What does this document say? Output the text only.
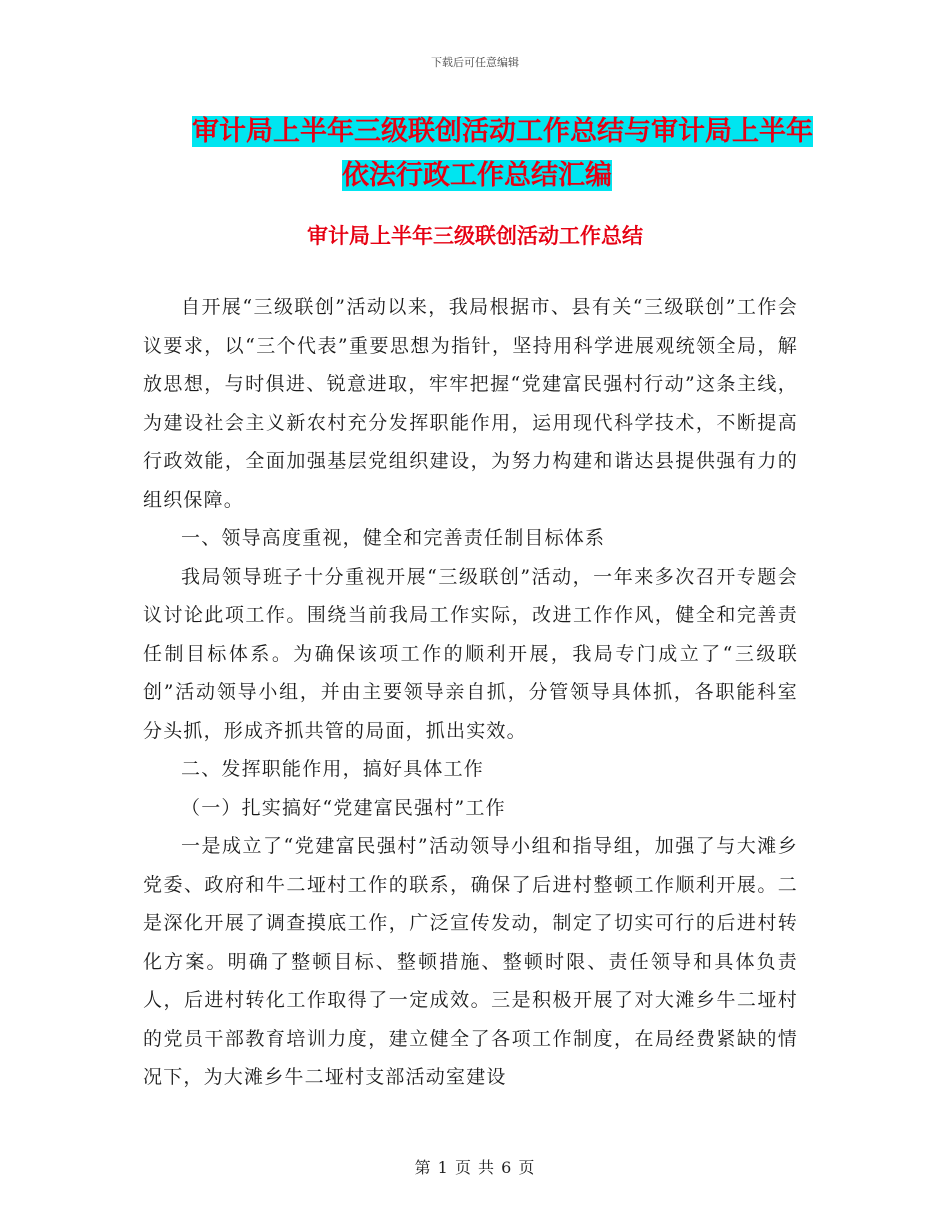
下载后可任意编辑
审计局上半年三级联创活动工作总结与审计局上半年
依法行政工作总结汇编
审计局上半年三级联创活动工作总结

自开展“三级联创”活动以来，我局根据市、县有关“三级联创”工作会议要求，以“三个代表”重要思想为指针，坚持用科学进展观统领全局，解放思想，与时俱进、锐意进取，牢牢把握“党建富民强村行动”这条主线，为建设社会主义新农村充分发挥职能作用，运用现代科学技术，不断提高行政效能，全面加强基层党组织建设，为努力构建和谐达县提供强有力的组织保障。

一、领导高度重视，健全和完善责任制目标体系

我局领导班子十分重视开展“三级联创”活动，一年来多次召开专题会议讨论此项工作。围绕当前我局工作实际，改进工作作风，健全和完善责任制目标体系。为确保该项工作的顺利开展，我局专门成立了“三级联创”活动领导小组，并由主要领导亲自抓，分管领导具体抓，各职能科室分头抓，形成齐抓共管的局面，抓出实效。

二、发挥职能作用，搞好具体工作

（一）扎实搞好“党建富民强村”工作

一是成立了“党建富民强村”活动领导小组和指导组，加强了与大滩乡党委、政府和牛二垭村工作的联系，确保了后进村整顿工作顺利开展。二是深化开展了调查摸底工作，广泛宣传发动，制定了切实可行的后进村转化方案。明确了整顿目标、整顿措施、整顿时限、责任领导和具体负责人，后进村转化工作取得了一定成效。三是积极开展了对大滩乡牛二垭村的党员干部教育培训力度，建立健全了各项工作制度，在局经费紧缺的情况下，为大滩乡牛二垭村支部活动室建设

第 1 页 共 6 页
